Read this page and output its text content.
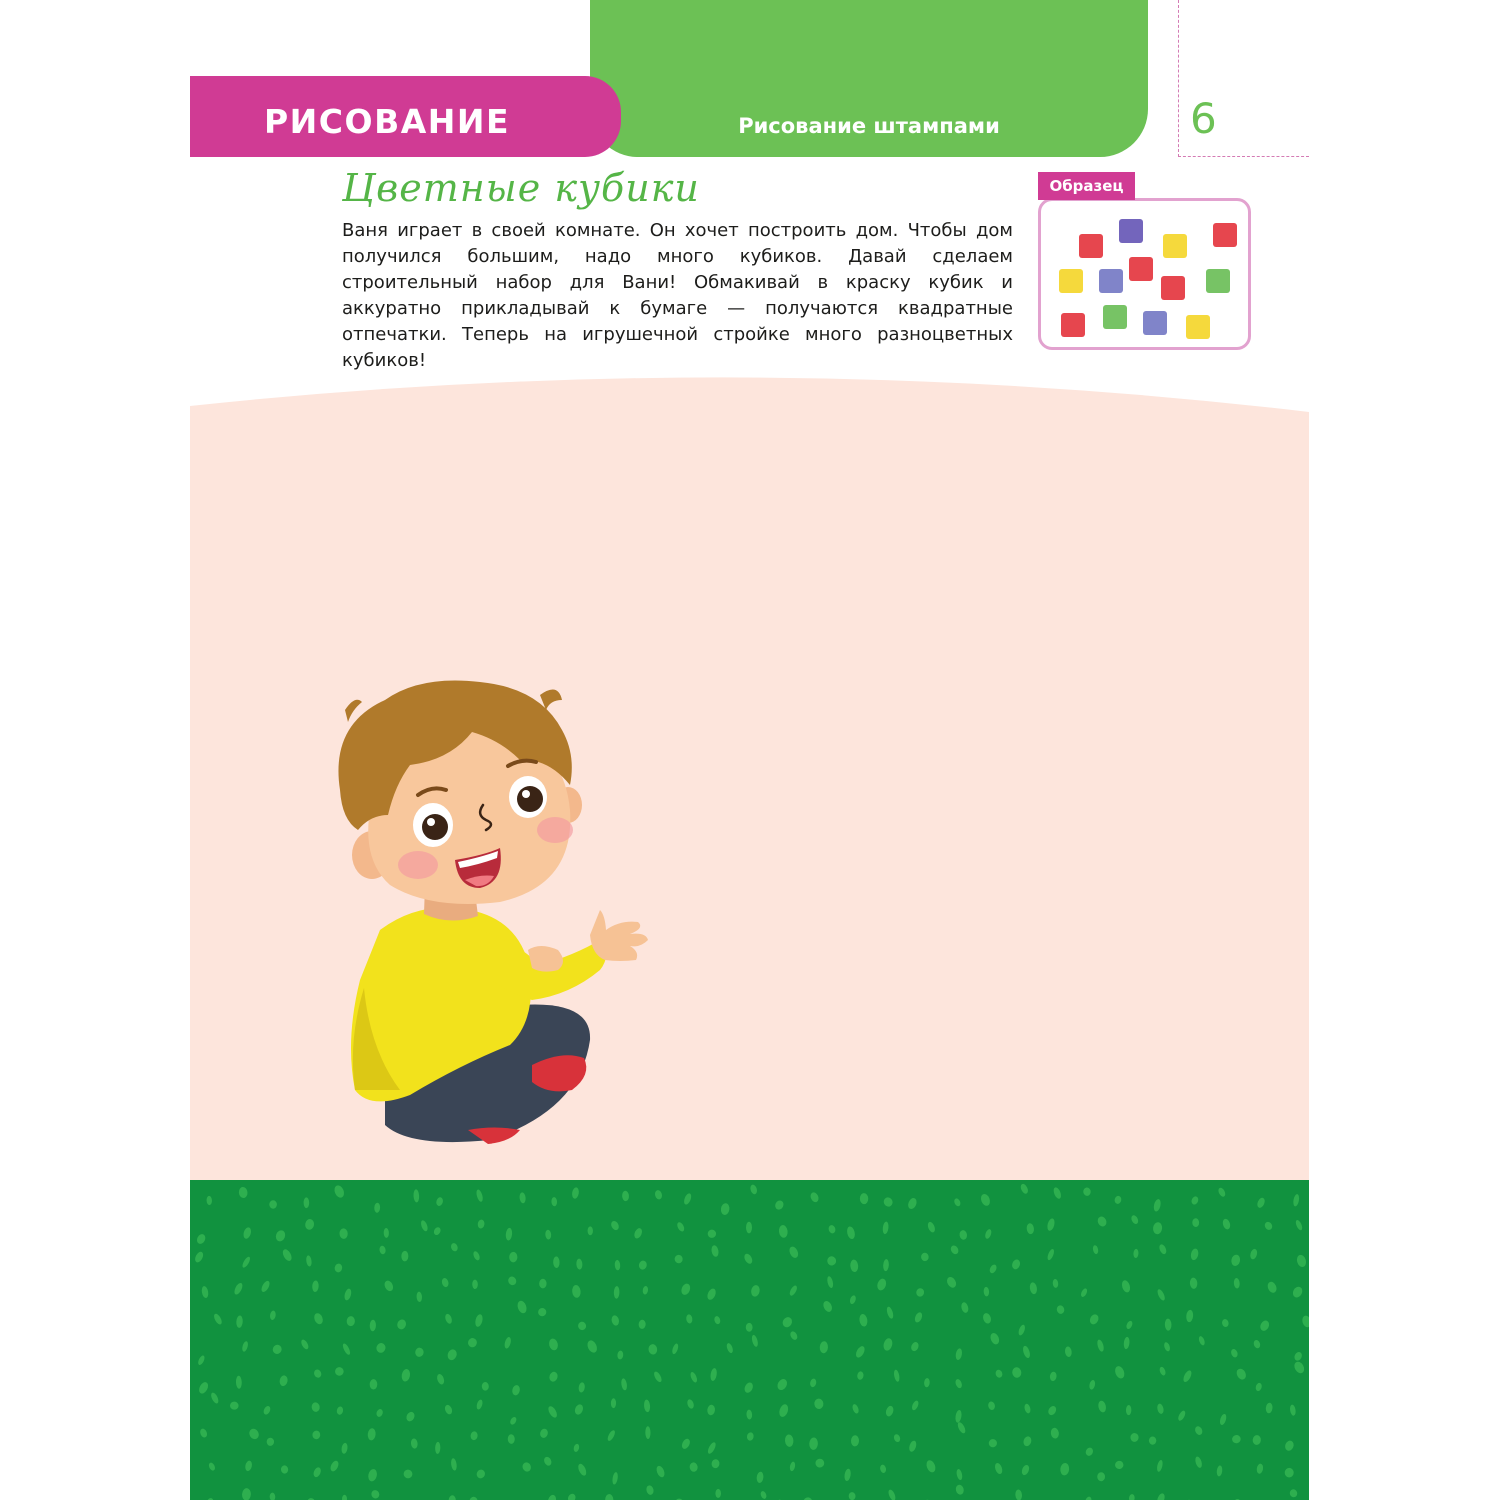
Рисование штампами
РИСОВАНИЕ	6
Цветные кубики
Ваня играет в своей комнате. Он хочет построить дом. Чтобы дом получился большим, надо много кубиков. Давай сделаем строительный набор для Вани! Обмакивай в краску кубик и аккуратно прикладывай к бумаге — получаются квадратные отпечатки. Теперь на игрушечной стройке много разноцветных кубиков!
Образец
